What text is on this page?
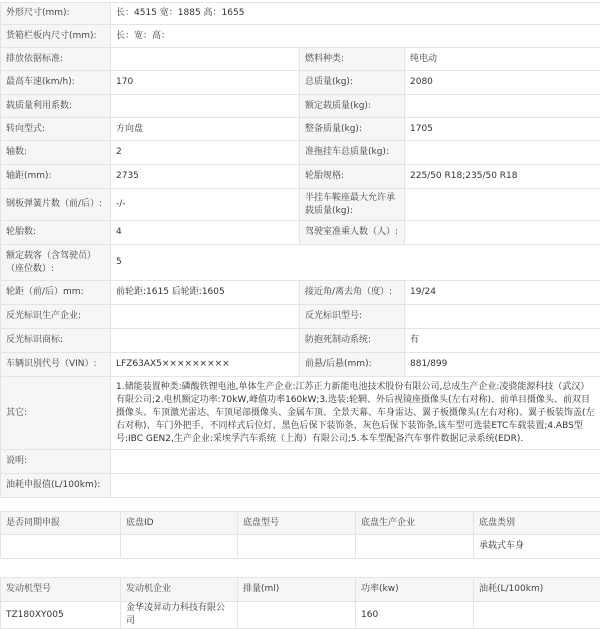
外形尺寸(mm):	长：4515 宽：1885 高：1655		
货箱栏板内尺寸(mm):	长：宽：高：		
排放依据标准:		燃料种类:	纯电动
最高车速(km/h):	170	总质量(kg):	2080
载质量利用系数:		额定载质量(kg):	
转向型式:	方向盘	整备质量(kg):	1705
轴数:	2	准拖挂车总质量(kg):	
轴距(mm):	2735	轮胎规格:	225/50 R18;235/50 R18
钢板弹簧片数（前/后）:	-/-	半挂车鞍座最大允许承载质量(kg):	
轮胎数:	4	驾驶室准乘人数（人）:	
额定载客（含驾驶员）（座位数）:	5		
轮距（前/后）mm:	前轮距:1615 后轮距:1605	接近角/离去角（度）:	19/24
反光标识生产企业:		反光标识型号:	
反光标识商标:		防抱死制动系统:	有
车辆识别代号（VIN）:	LFZ63AX5×××××××××	前悬/后悬(mm):	881/899
其它:	1.储能装置种类:磷酸铁锂电池,单体生产企业:江苏正力新能电池技术股份有限公司,总成生产企业:凌骁能源科技（武汉）有限公司;2.电机额定功率:70kW,峰值功率160kW;3.选装:轮辋、外后视镜座摄像头(左右对称)、前单目摄像头、前双目摄像头、车顶激光雷达、车顶尾部摄像头、金属车顶、全景天幕、车身雷达、翼子板摄像头(左右对称)、翼子板装饰盖(左右对称)、车门外把手、不同样式后位灯、黑色后保下装饰条、灰色后保下装饰条,该车型可选装ETC车载装置;4.ABS型号:IBC GEN2,生产企业:采埃孚汽车系统（上海）有限公司;5.本车型配备汽车事件数据记录系统(EDR).		
说明:			
油耗申报值(L/100km):			
是否同期申报	底盘ID	底盘型号	底盘生产企业	底盘类别
				承载式车身
发动机型号	发动机企业	排量(ml)	功率(kw)	油耗(L/100km)
TZ180XY005	金华凌昇动力科技有限公司		160	
